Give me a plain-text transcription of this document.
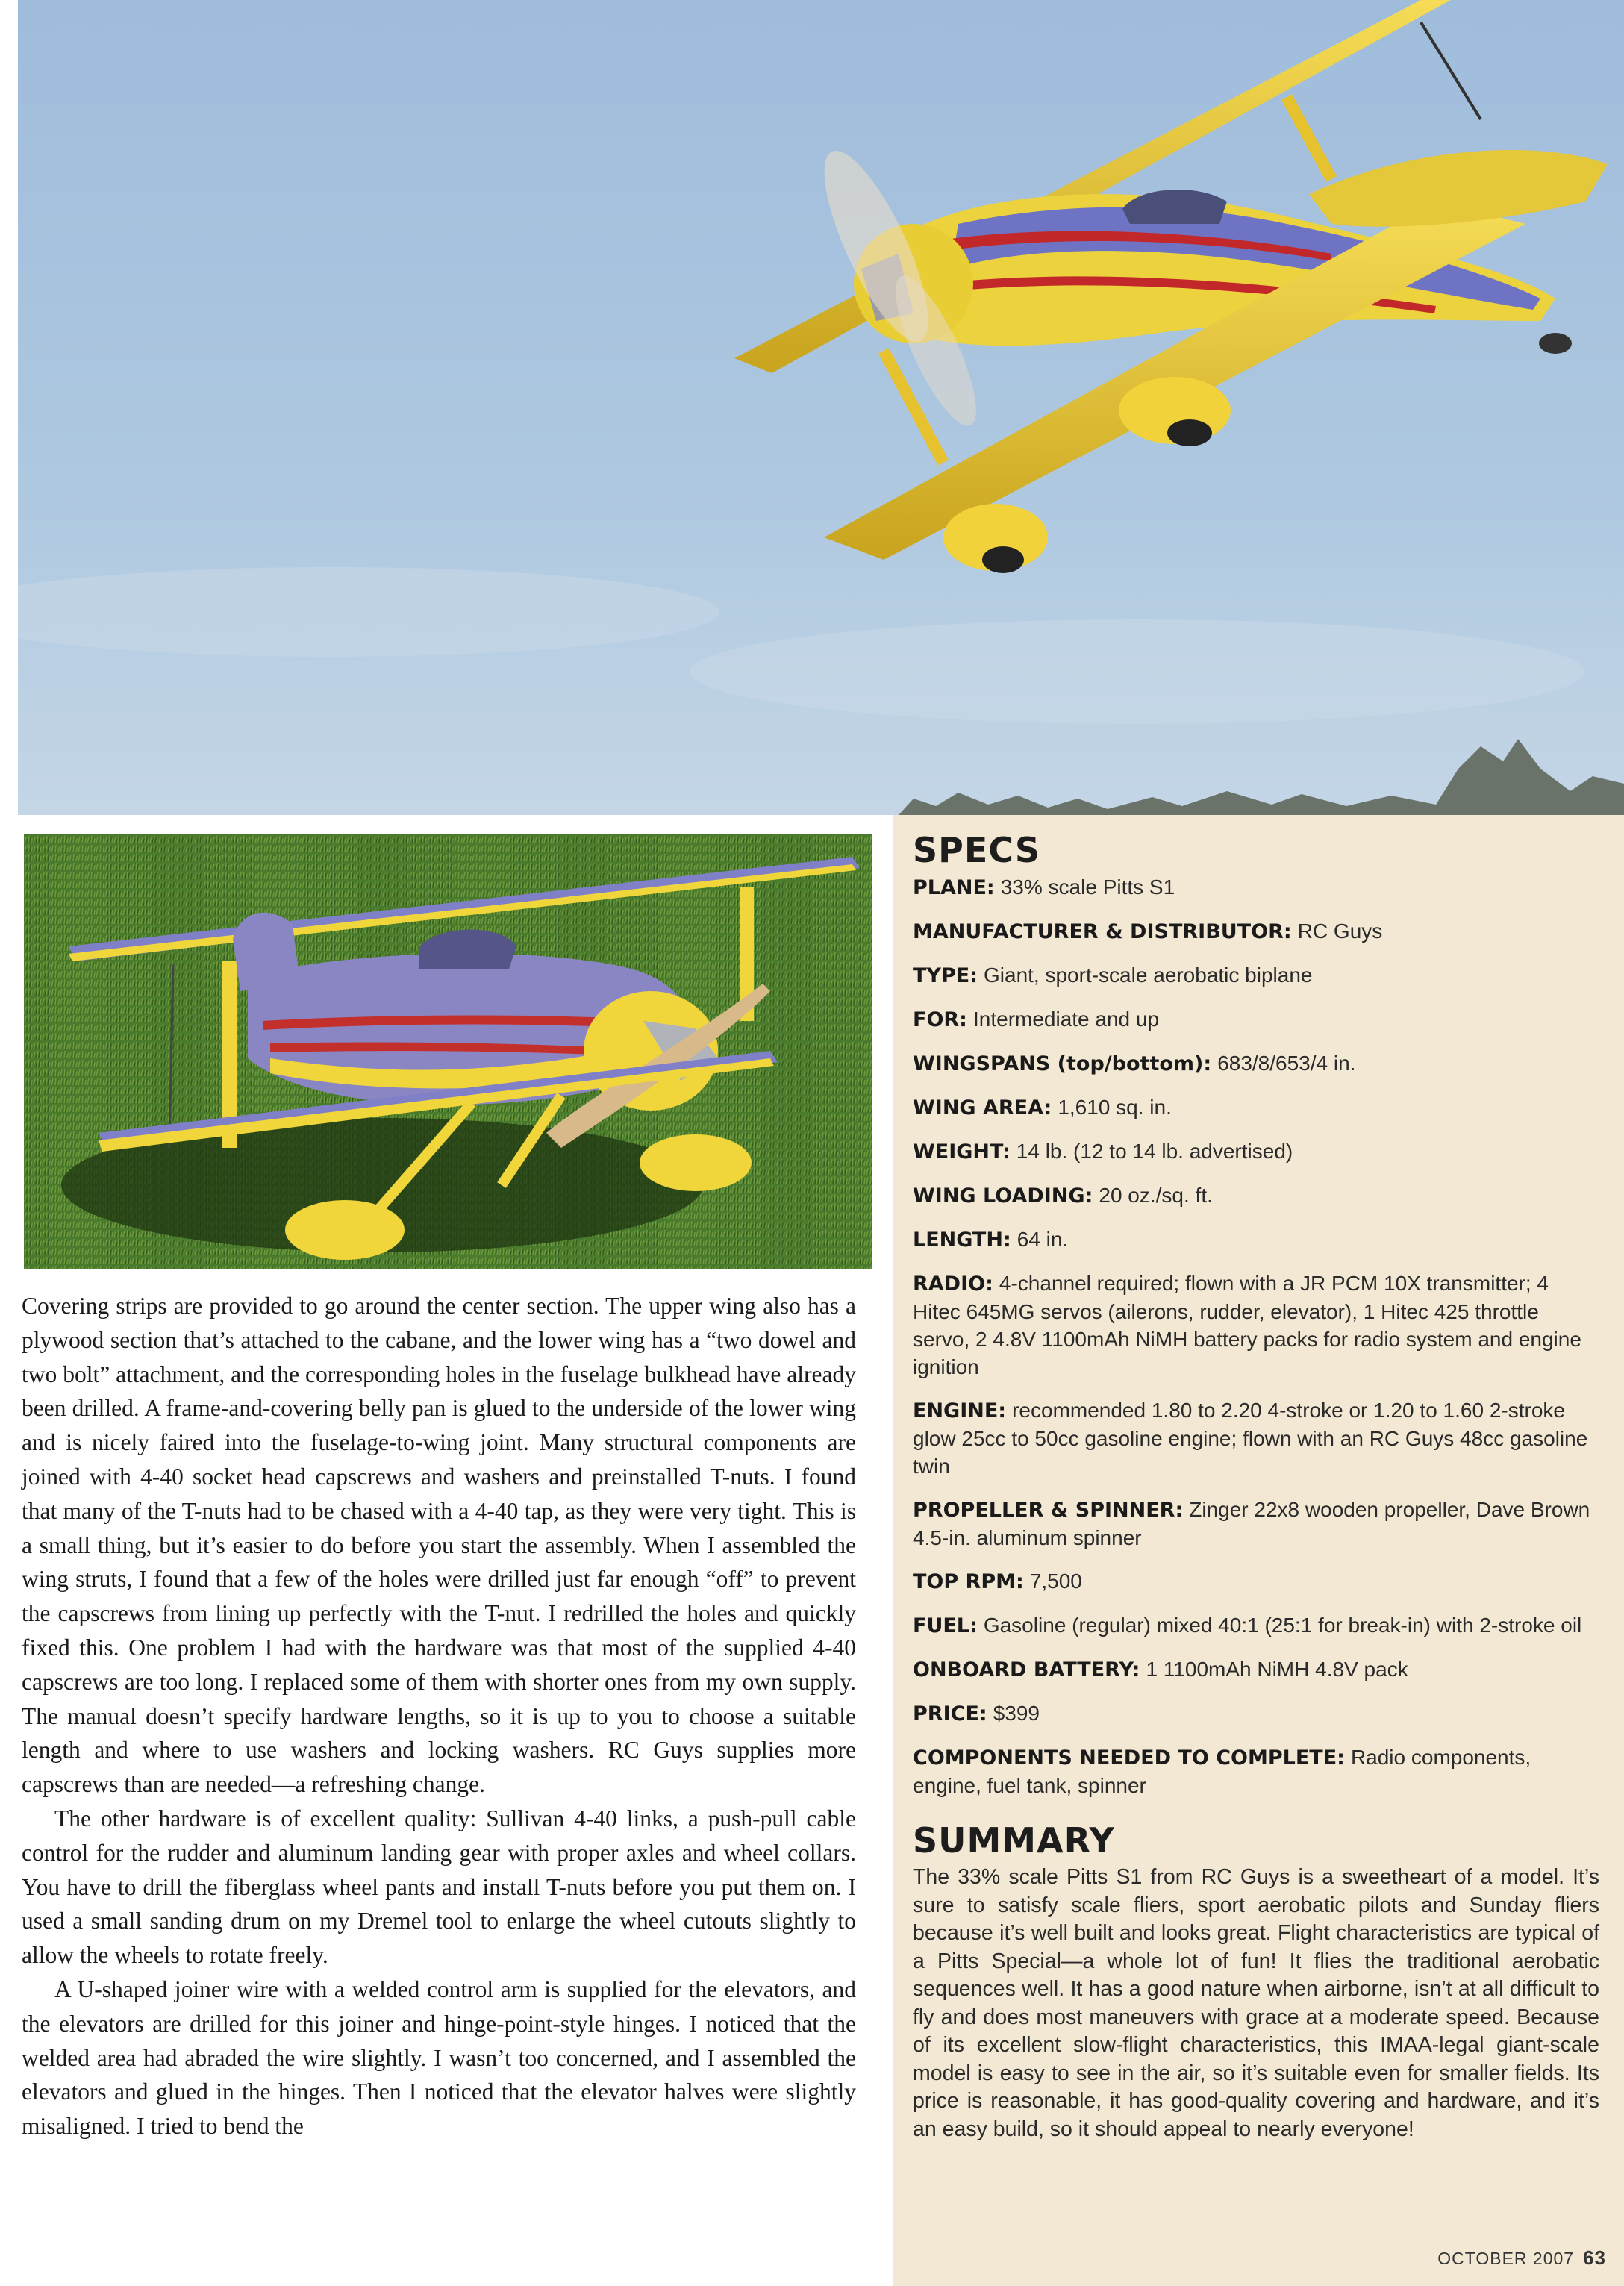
SPECS
PLANE: 33% scale Pitts S1
MANUFACTURER & DISTRIBUTOR: RC Guys
TYPE: Giant, sport-scale aerobatic biplane
FOR: Intermediate and up
WINGSPANS (top/bottom): 683/8/653/4 in.
WING AREA: 1,610 sq. in.
WEIGHT: 14 lb. (12 to 14 lb. advertised)
WING LOADING: 20 oz./sq. ft.
LENGTH: 64 in.
RADIO: 4-channel required; flown with a JR PCM 10X transmitter; 4 Hitec 645MG servos (ailerons, rudder, elevator), 1 Hitec 425 throttle servo, 2 4.8V 1100mAh NiMH battery packs for radio system and engine ignition
ENGINE: recommended 1.80 to 2.20 4-stroke or 1.20 to 1.60 2-stroke glow 25cc to 50cc gasoline engine; flown with an RC Guys 48cc gasoline twin
PROPELLER & SPINNER: Zinger 22x8 wooden propeller, Dave Brown 4.5-in. aluminum spinner
TOP RPM: 7,500
FUEL: Gasoline (regular) mixed 40:1 (25:1 for break-in) with 2-stroke oil
ONBOARD BATTERY: 1 1100mAh NiMH 4.8V pack
PRICE: $399
COMPONENTS NEEDED TO COMPLETE: Radio components, engine, fuel tank, spinner
SUMMARY

The 33% scale Pitts S1 from RC Guys is a sweetheart of a model. It’s sure to satisfy scale fliers, sport aerobatic pilots and Sunday fliers because it’s well built and looks great. Flight characteristics are typical of a Pitts Special—a whole lot of fun! It flies the traditional aerobatic sequences well. It has a good nature when airborne, isn’t at all difficult to fly and does most maneuvers with grace at a moderate speed. Because of its excellent slow-flight characteristics, this IMAA-legal giant-scale model is easy to see in the air, so it’s suitable even for smaller fields. Its price is reasonable, it has good-quality covering and hardware, and it’s an easy build, so it should appeal to nearly everyone!

OCTOBER 2007 63

Covering strips are provided to go around the center section. The upper wing also has a plywood section that’s attached to the cabane, and the lower wing has a “two dowel and two bolt” attachment, and the corresponding holes in the fuselage bulkhead have already been drilled. A frame-and-covering belly pan is glued to the underside of the lower wing and is nicely faired into the fuselage-to-wing joint. Many structural components are joined with 4-40 socket head capscrews and washers and preinstalled T-nuts. I found that many of the T-nuts had to be chased with a 4-40 tap, as they were very tight. This is a small thing, but it’s easier to do before you start the assembly. When I assembled the wing struts, I found that a few of the holes were drilled just far enough “off” to prevent the capscrews from lining up perfectly with the T-nut. I redrilled the holes and quickly fixed this. One problem I had with the hardware was that most of the supplied 4-40 capscrews are too long. I replaced some of them with shorter ones from my own supply. The manual doesn’t specify hardware lengths, so it is up to you to choose a suitable length and where to use washers and locking washers. RC Guys supplies more capscrews than are needed—a refreshing change.

The other hardware is of excellent quality: Sullivan 4-40 links, a push-pull cable control for the rudder and aluminum landing gear with proper axles and wheel collars. You have to drill the fiberglass wheel pants and install T-nuts before you put them on. I used a small sanding drum on my Dremel tool to enlarge the wheel cutouts slightly to allow the wheels to rotate freely.

A U-shaped joiner wire with a welded control arm is supplied for the elevators, and the elevators are drilled for this joiner and hinge-point-style hinges. I noticed that the welded area had abraded the wire slightly. I wasn’t too concerned, and I assembled the elevators and glued in the hinges. Then I noticed that the elevator halves were slightly misaligned. I tried to bend the
